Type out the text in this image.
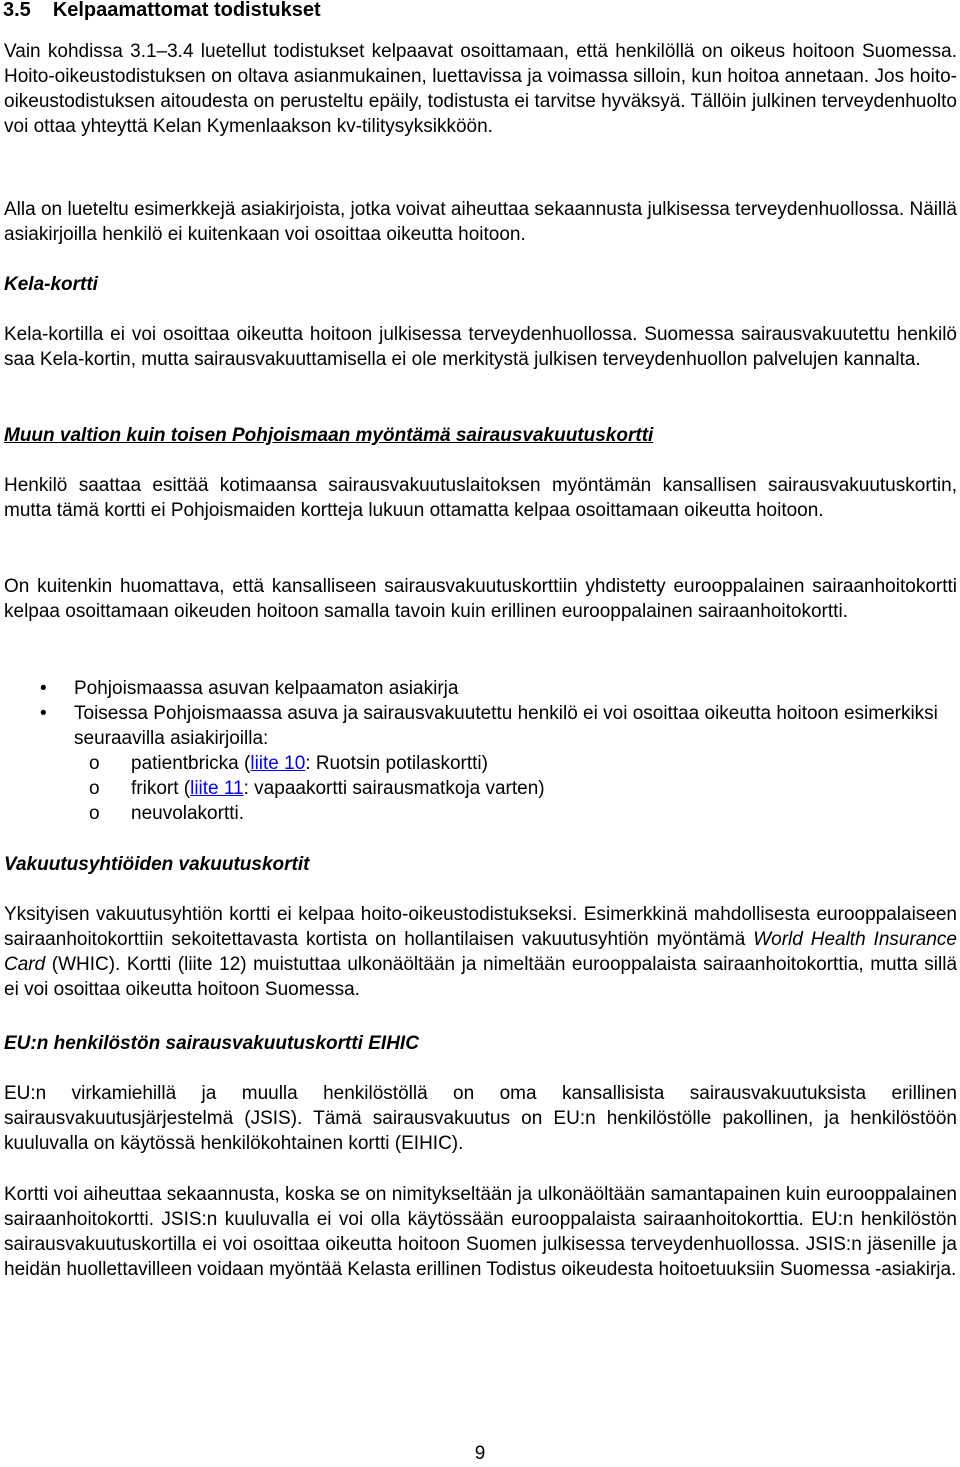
3.5 Kelpaamattomat todistukset

Vain kohdissa 3.1–3.4 luetellut todistukset kelpaavat osoittamaan, että henkilöllä on oikeus hoitoon Suomessa. Hoito-oikeustodistuksen on oltava asianmukainen, luettavissa ja voimassa silloin, kun hoitoa annetaan. Jos hoito-oikeustodistuksen aitoudesta on perusteltu epäily, todistusta ei tarvitse hyväksyä. Tällöin julkinen terveydenhuolto voi ottaa yhteyttä Kelan Kymenlaakson kv-tilitysyksikköön.

Alla on lueteltu esimerkkejä asiakirjoista, jotka voivat aiheuttaa sekaannusta julkisessa terveydenhuollossa. Näillä asiakirjoilla henkilö ei kuitenkaan voi osoittaa oikeutta hoitoon.

Kela-kortti

Kela-kortilla ei voi osoittaa oikeutta hoitoon julkisessa terveydenhuollossa. Suomessa sairausvakuutettu henkilö saa Kela-kortin, mutta sairausvakuuttamisella ei ole merkitystä julkisen terveydenhuollon palvelujen kannalta.

Muun valtion kuin toisen Pohjoismaan myöntämä sairausvakuutuskortti

Henkilö saattaa esittää kotimaansa sairausvakuutuslaitoksen myöntämän kansallisen sairausvakuutuskortin, mutta tämä kortti ei Pohjoismaiden kortteja lukuun ottamatta kelpaa osoittamaan oikeutta hoitoon.

On kuitenkin huomattava, että kansalliseen sairausvakuutuskorttiin yhdistetty eurooppalainen sairaanhoitokortti kelpaa osoittamaan oikeuden hoitoon samalla tavoin kuin erillinen eurooppalainen sairaanhoitokortti.

• Pohjoismaassa asuvan kelpaamaton asiakirja
• Toisessa Pohjoismaassa asuva ja sairausvakuutettu henkilö ei voi osoittaa oikeutta hoitoon esimerkiksi seuraavilla asiakirjoilla:
o patientbricka (liite 10: Ruotsin potilaskortti)
o frikort (liite 11: vapaakortti sairausmatkoja varten)
o neuvolakortti.
Vakuutusyhtiöiden vakuutuskortit

Yksityisen vakuutusyhtiön kortti ei kelpaa hoito-oikeustodistukseksi. Esimerkkinä mahdollisesta eurooppalaiseen sairaanhoitokorttiin sekoitettavasta kortista on hollantilaisen vakuutusyhtiön myöntämä World Health Insurance Card (WHIC). Kortti (liite 12) muistuttaa ulkonäöltään ja nimeltään eurooppalaista sairaanhoitokorttia, mutta sillä ei voi osoittaa oikeutta hoitoon Suomessa.

EU:n henkilöstön sairausvakuutuskortti EIHIC

EU:n virkamiehillä ja muulla henkilöstöllä on oma kansallisista sairausvakuutuksista erillinen sairausvakuutusjärjestelmä (JSIS). Tämä sairausvakuutus on EU:n henkilöstölle pakollinen, ja henkilöstöön kuuluvalla on käytössä henkilökohtainen kortti (EIHIC).

Kortti voi aiheuttaa sekaannusta, koska se on nimitykseltään ja ulkonäöltään samantapainen kuin eurooppalainen sairaanhoitokortti. JSIS:n kuuluvalla ei voi olla käytössään eurooppalaista sairaanhoitokorttia. EU:n henkilöstön sairausvakuutuskortilla ei voi osoittaa oikeutta hoitoon Suomen julkisessa terveydenhuollossa. JSIS:n jäsenille ja heidän huollettavilleen voidaan myöntää Kelasta erillinen Todistus oikeudesta hoitoetuuksiin Suomessa -asiakirja.

9
